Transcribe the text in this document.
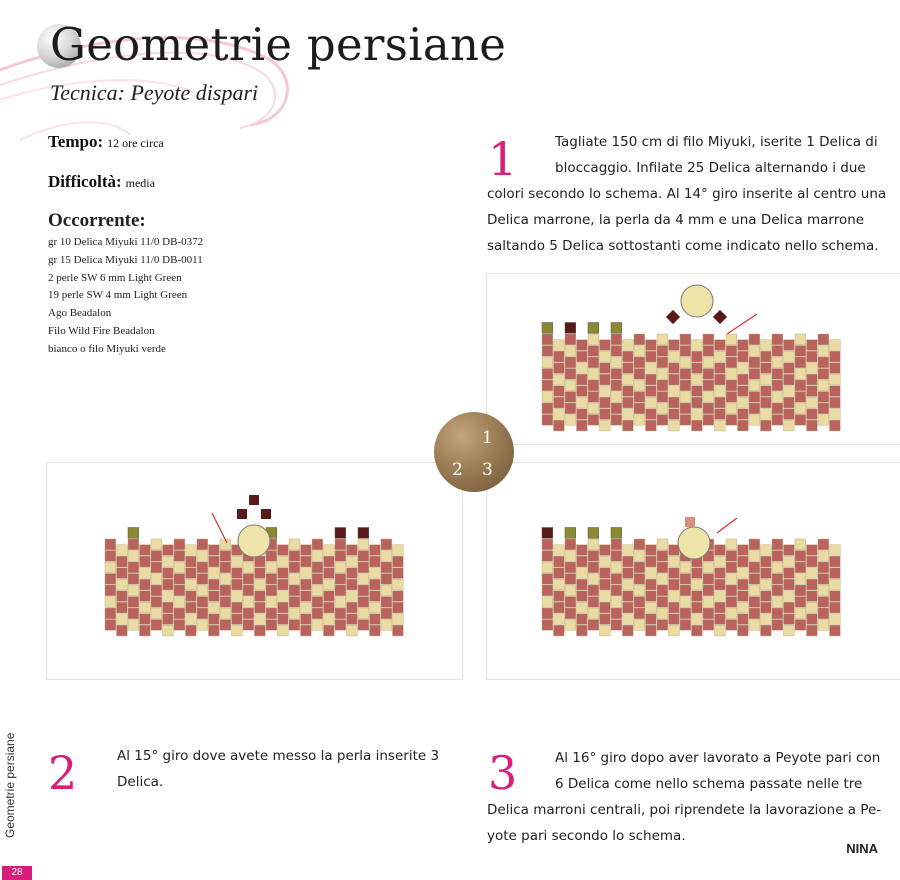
Geometrie persiane
Tecnica: Peyote dispari
Tempo: 12 ore circa
Difficoltà: media
Occorrente:
gr 10 Delica Miyuki 11/0 DB-0372
gr 15 Delica Miyuki 11/0 DB-0011
2 perle SW 6 mm Light Green
19 perle SW 4 mm Light Green
Ago Beadalon
Filo Wild Fire Beadalon
bianco o filo Miyuki verde
1	Tagliate 150 cm di filo Miyuki, iserite 1 Delica di
bloccaggio. Infilate 25 Delica alternando i due
colori secondo lo schema. Al 14° giro inserite al centro una
Delica marrone, la perla da 4 mm e una Delica marrone
saltando 5 Delica sottostanti come indicato nello schema.
1
2 3
2	Al 15° giro dove avete messo la perla inserite 3
Delica.	3	Al 16° giro dopo aver lavorato a Peyote pari con
6 Delica come nello schema passate nelle tre
Delica marroni centrali, poi riprendete la lavorazione a Pe-
yote pari secondo lo schema.
Geometrie persiane
28
NINA
